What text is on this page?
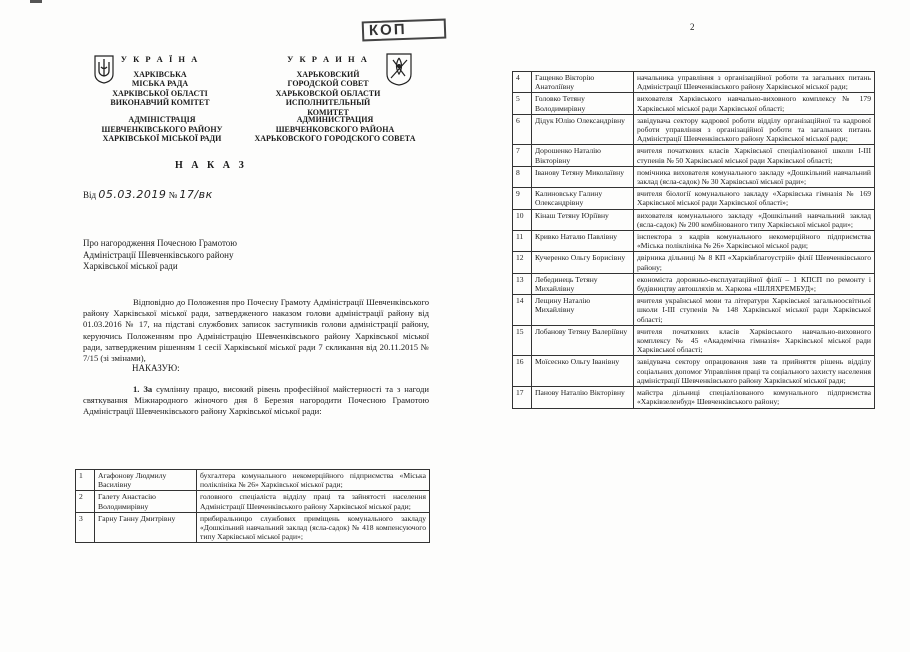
КОП
У К Р А Ї Н А
ХАРКІВСЬКА
МІСЬКА РАДА
ХАРКІВСЬКОЇ ОБЛАСТІ
ВИКОНАВЧИЙ КОМІТЕТ
У К Р А И Н А
ХАРЬКОВСКИЙ
ГОРОДСКОЙ СОВЕТ
ХАРЬКОВСКОЙ ОБЛАСТИ
ИСПОЛНИТЕЛЬНЫЙ КОМИТЕТ
АДМІНІСТРАЦІЯ
ШЕВЧЕНКІВСЬКОГО РАЙОНУ
ХАРКІВСЬКОЇ МІСЬКОЇ РАДИ
АДМИНИСТРАЦИЯ
ШЕВЧЕНКОВСКОГО РАЙОНА
ХАРЬКОВСКОГО ГОРОДСКОГО СОВЕТА
Н А К А З
Від 05.03.2019 № 17/вк
Про нагородження Почесною Грамотою
Адміністрації Шевченківського району
Харківської міської ради
Відповідно до Положення про Почесну Грамоту Адміністрації Шевченківського району Харківської міської ради, затвердженого наказом голови адміністрації району від 01.03.2016 № 17, на підставі службових записок заступників голови адміністрації району, керуючись Положенням про Адміністрацію Шевченківського району Харківської міської ради, затвердженим рішенням 1 сесії Харківської міської ради 7 скликання від 20.11.2015 № 7/15 (зі змінами),
НАКАЗУЮ:
1. За сумлінну працю, високий рівень професійної майстерності та з нагоди святкування Міжнародного жіночого дня 8 Березня нагородити Почесною Грамотою Адміністрації Шевченківського району Харківської міської ради:
1	Агафонову Людмилу Василівну	бухгалтера комунального некомерційного підприємства «Міська поліклініка № 26» Харківської міської ради;
2	Галету Анастасію Володимирівну	головного спеціаліста відділу праці та зайнятості населення Адміністрації Шевченківського району Харківської міської ради;
3	Гарну Ганну Дмитрівну	прибиральницю службових приміщень комунального закладу «Дошкільний навчальний заклад (ясла-садок) № 418 компенсуючого типу Харківської міської ради»;
2
4	Гащенко Вікторію Анатоліївну	начальника управління з організаційної роботи та загальних питань Адміністрації Шевченківського району Харківської міської ради;
5	Головко Тетяну Володимирівну	вихователя Харківського навчально-виховного комплексу № 179 Харківської міської ради Харківської області;
6	Дідук Юлію Олександрівну	завідувача сектору кадрової роботи відділу організаційної та кадрової роботи управління з організаційної роботи та загальних питань Адміністрації Шевченківського району Харківської міської ради;
7	Дорошенко Наталію Вікторівну	вчителя початкових класів Харківської спеціалізованої школи I-III ступенів № 50 Харківської міської ради Харківської області;
8	Іванову Тетяну Миколаївну	помічника вихователя комунального закладу «Дошкільний навчальний заклад (ясла-садок) № 30 Харківської міської ради»;
9	Калиновську Галину Олександрівну	вчителя біології комунального закладу «Харківська гімназія № 169 Харківської міської ради Харківської області»;
10	Кінаш Тетяну Юріївну	вихователя комунального закладу «Дошкільний навчальний заклад (ясла-садок) № 200 комбінованого типу Харківської міської ради»;
11	Кривко Наталю Павлівну	інспектора з кадрів комунального некомерційного підприємства «Міська поліклініка № 26» Харківської міської ради;
12	Кучеренко Ольгу Борисівну	двірника дільниці № 8 КП «Харківблагоустрій» філії Шевченківського району;
13	Лебединець Тетяну Михайлівну	економіста дорожньо-експлуатаційної філії – 1 КПСП по ремонту і будівництву автошляхів м. Харкова «ШЛЯХРЕМБУД»;
14	Лещину Наталію Михайлівну	вчителя української мови та літератури Харківської загальноосвітньої школи I-III ступенів № 148 Харківської міської ради Харківської області;
15	Лобанову Тетяну Валеріївну	вчителя початкових класів Харківського навчально-виховного комплексу № 45 «Академічна гімназія» Харківської міської ради Харківської області;
16	Моїсеєнко Ольгу Іванівну	завідувача сектору опрацювання заяв та прийняття рішень відділу соціальних допомог Управління праці та соціального захисту населення адміністрації Шевченківського району Харківської міської ради;
17	Панову Наталію Вікторівну	майстра дільниці спеціалізованого комунального підприємства «Харківзеленбуд» Шевченківського району;
